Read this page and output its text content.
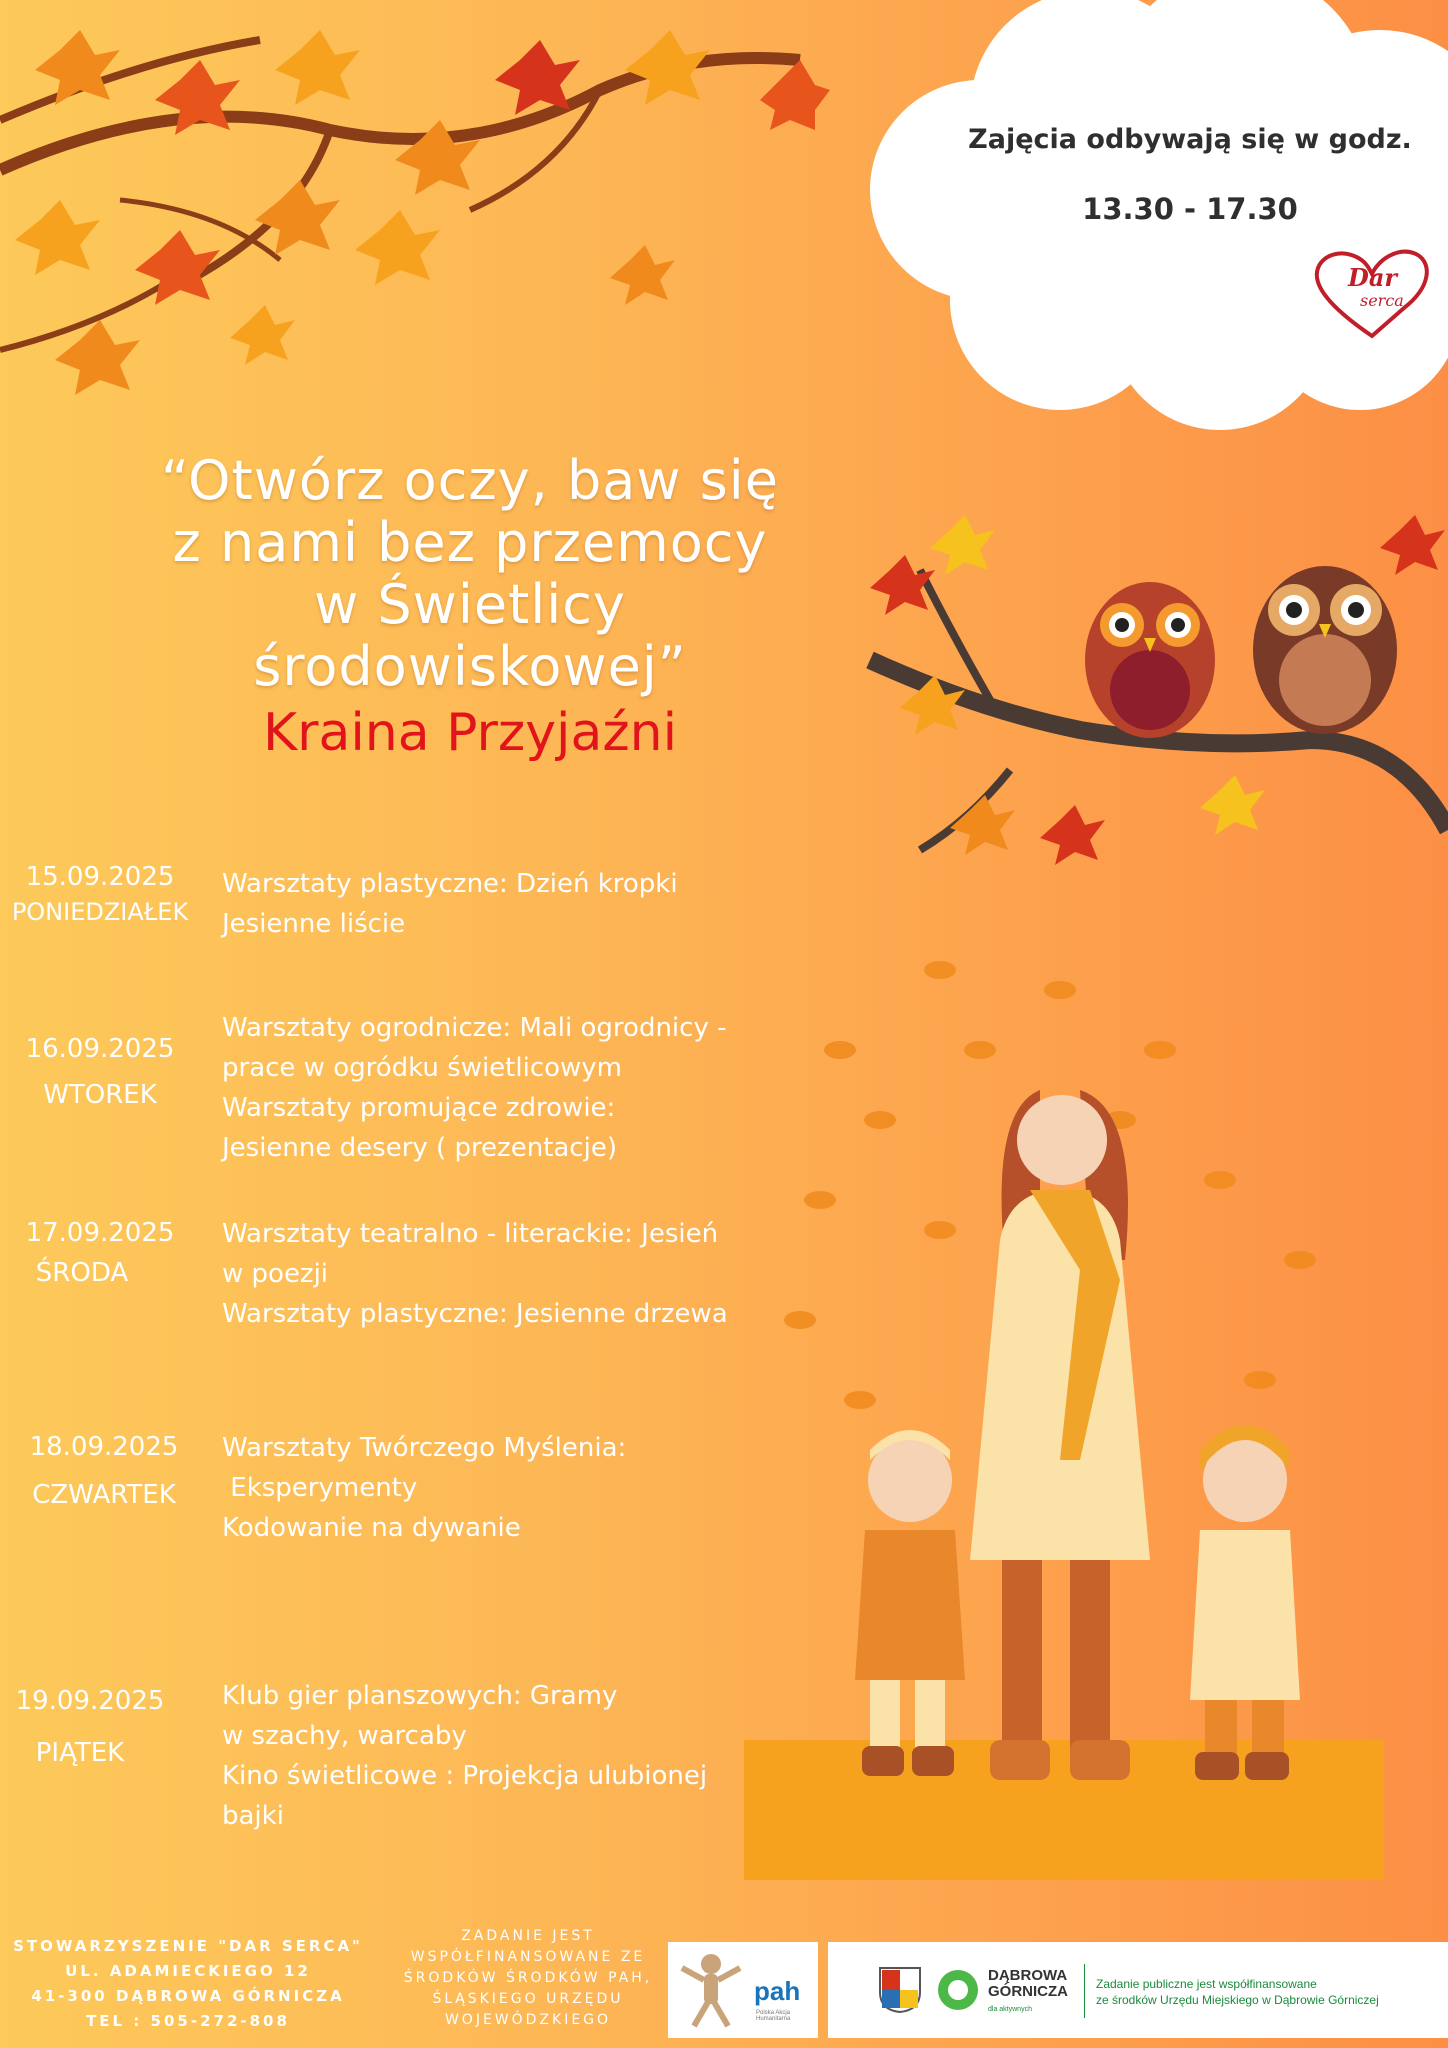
Zajęcia odbywają się w godz.
13.30 - 17.30
Dar
serca
“Otwórz oczy, baw się
z nami bez przemocy
w Świetlicy
środowiskowej”
Kraina Przyjaźni
15.09.2025
PONIEDZIAŁEK
Warsztaty plastyczne: Dzień kropki
Jesienne liście
16.09.2025
WTOREK
Warsztaty ogrodnicze: Mali ogrodnicy -
prace w ogródku świetlicowym
Warsztaty promujące zdrowie:
Jesienne desery ( prezentacje)
17.09.2025
ŚRODA
Warsztaty teatralno - literackie: Jesień
w poezji
Warsztaty plastyczne: Jesienne drzewa
18.09.2025
CZWARTEK
Warsztaty Twórczego Myślenia:
Eksperymenty
Kodowanie na dywanie
19.09.2025
PIĄTEK
Klub gier planszowych: Gramy
w szachy, warcaby
Kino świetlicowe : Projekcja ulubionej
bajki
STOWARZYSZENIE "DAR SERCA"
UL. ADAMIECKIEGO 12
41-300 DĄBROWA GÓRNICZA
TEL : 505-272-808
ZADANIE JEST
WSPÓŁFINANSOWANE ZE
ŚRODKÓW ŚRODKÓW PAH,
ŚLĄSKIEGO URZĘDU
WOJEWÓDZKIEGO
pah
Polska Akcja Humanitarna
DĄBROWA
GÓRNICZA
dla aktywnych
Zadanie publiczne jest współfinansowane
ze środków Urzędu Miejskiego w Dąbrowie Górniczej
